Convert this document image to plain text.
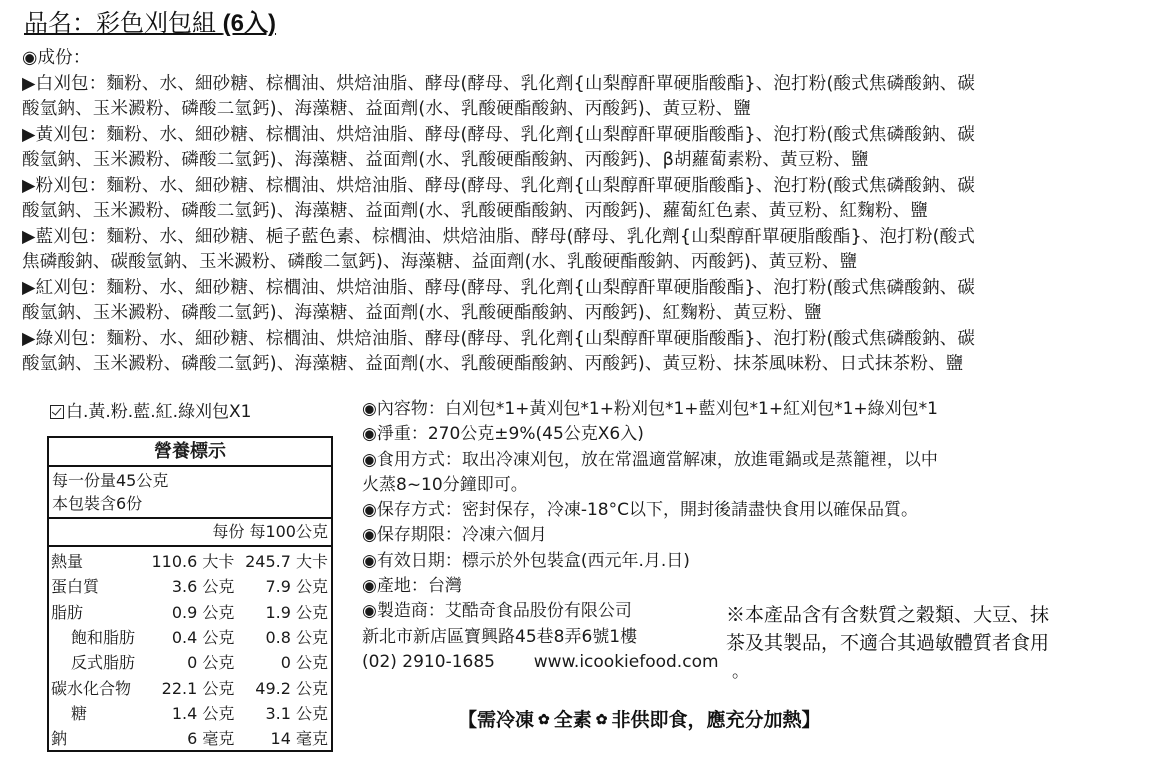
品名：彩色刈包組 (6入)
◉成份：
▶白刈包：麵粉、水、細砂糖、棕櫚油、烘焙油脂、酵母(酵母、乳化劑{山梨醇酐單硬脂酸酯}、泡打粉(酸式焦磷酸鈉、碳
酸氫鈉、玉米澱粉、磷酸二氫鈣)、海藻糖、益面劑(水、乳酸硬酯酸鈉、丙酸鈣)、黃豆粉、鹽
▶黃刈包：麵粉、水、細砂糖、棕櫚油、烘焙油脂、酵母(酵母、乳化劑{山梨醇酐單硬脂酸酯}、泡打粉(酸式焦磷酸鈉、碳
酸氫鈉、玉米澱粉、磷酸二氫鈣)、海藻糖、益面劑(水、乳酸硬酯酸鈉、丙酸鈣)、β胡蘿蔔素粉、黃豆粉、鹽
▶粉刈包：麵粉、水、細砂糖、棕櫚油、烘焙油脂、酵母(酵母、乳化劑{山梨醇酐單硬脂酸酯}、泡打粉(酸式焦磷酸鈉、碳
酸氫鈉、玉米澱粉、磷酸二氫鈣)、海藻糖、益面劑(水、乳酸硬酯酸鈉、丙酸鈣)、蘿蔔紅色素、黃豆粉、紅麴粉、鹽
▶藍刈包：麵粉、水、細砂糖、梔子藍色素、棕櫚油、烘焙油脂、酵母(酵母、乳化劑{山梨醇酐單硬脂酸酯}、泡打粉(酸式
焦磷酸鈉、碳酸氫鈉、玉米澱粉、磷酸二氫鈣)、海藻糖、益面劑(水、乳酸硬酯酸鈉、丙酸鈣)、黃豆粉、鹽
▶紅刈包：麵粉、水、細砂糖、棕櫚油、烘焙油脂、酵母(酵母、乳化劑{山梨醇酐單硬脂酸酯}、泡打粉(酸式焦磷酸鈉、碳
酸氫鈉、玉米澱粉、磷酸二氫鈣)、海藻糖、益面劑(水、乳酸硬酯酸鈉、丙酸鈣)、紅麴粉、黃豆粉、鹽
▶綠刈包：麵粉、水、細砂糖、棕櫚油、烘焙油脂、酵母(酵母、乳化劑{山梨醇酐單硬脂酸酯}、泡打粉(酸式焦磷酸鈉、碳
酸氫鈉、玉米澱粉、磷酸二氫鈣)、海藻糖、益面劑(水、乳酸硬酯酸鈉、丙酸鈣)、黃豆粉、抹茶風味粉、日式抹茶粉、鹽
白.黃.粉.藍.紅.綠刈包X1
營養標示
每一份量45公克
本包裝含6份
每份 每100公克
熱量	110.6 大卡	245.7 大卡
蛋白質	3.6 公克	7.9 公克
脂肪	0.9 公克	1.9 公克
飽和脂肪	0.4 公克	0.8 公克
反式脂肪	0 公克	0 公克
碳水化合物	22.1 公克	49.2 公克
糖	1.4 公克	3.1 公克
鈉	6 毫克	14 毫克
◉內容物：白刈包*1+黃刈包*1+粉刈包*1+藍刈包*1+紅刈包*1+綠刈包*1
◉淨重：270公克±9%(45公克X6入)
◉食用方式：取出冷凍刈包，放在常溫適當解凍，放進電鍋或是蒸籠裡，以中
火蒸8~10分鐘即可。
◉保存方式：密封保存，冷凍-18°C以下，開封後請盡快食用以確保品質。
◉保存期限：冷凍六個月
◉有效日期：標示於外包裝盒(西元年.月.日)
◉產地：台灣
◉製造商：艾酷奇食品股份有限公司
新北市新店區寶興路45巷8弄6號1樓
(02) 2910-1685 www.icookiefood.com
※本產品含有含麩質之穀類、大豆、抹
茶及其製品，不適合其過敏體質者食用
。
【需冷凍 ✿ 全素 ✿ 非供即食，應充分加熱】
